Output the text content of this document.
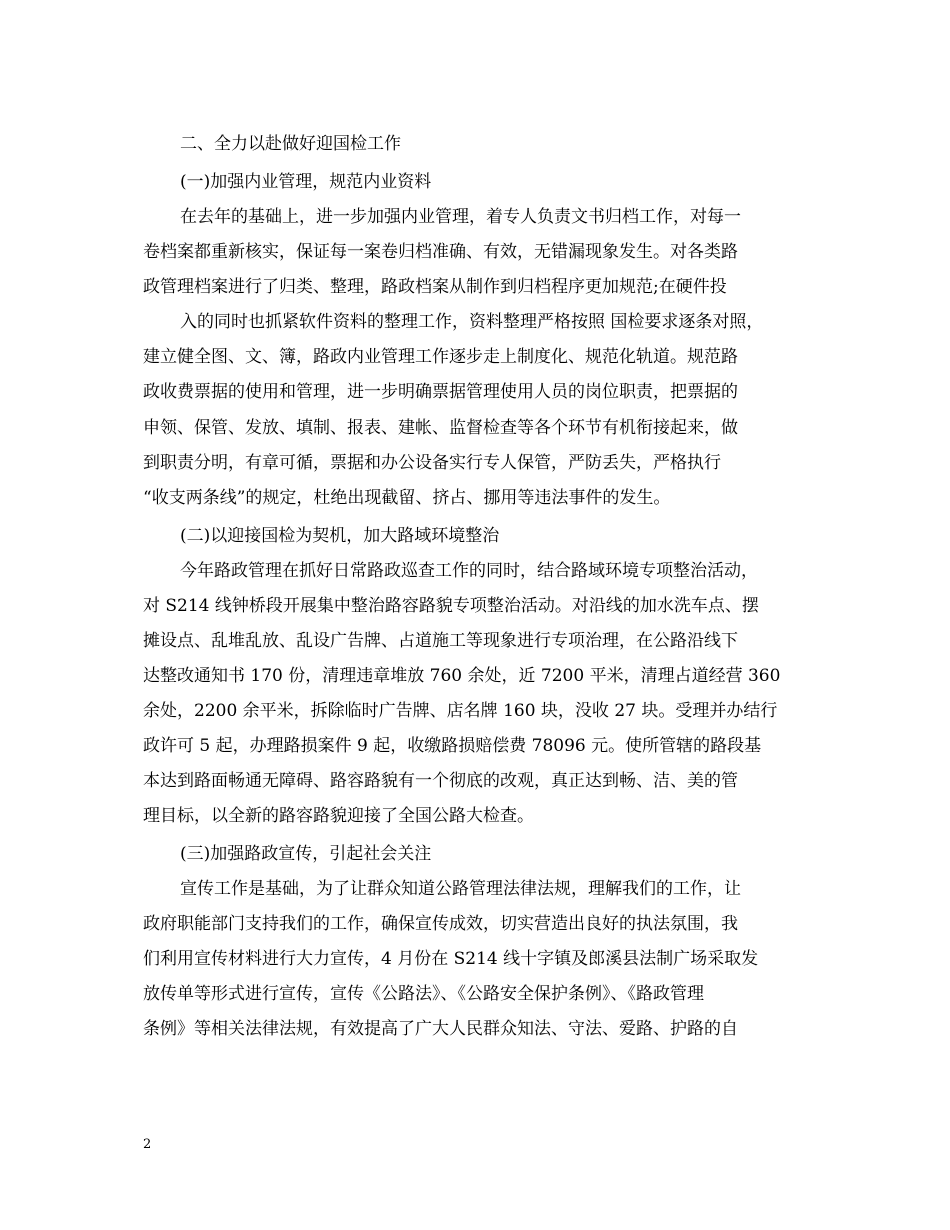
二、全力以赴做好迎国检工作

(一)加强内业管理，规范内业资料

在去年的基础上，进一步加强内业管理，着专人负责文书归档工作，对每一

卷档案都重新核实，保证每一案卷归档准确、有效，无错漏现象发生。对各类路

政管理档案进行了归类、整理，路政档案从制作到归档程序更加规范;在硬件投

入的同时也抓紧软件资料的整理工作，资料整理严格按照 国检要求逐条对照，

建立健全图、文、簿，路政内业管理工作逐步走上制度化、规范化轨道。规范路

政收费票据的使用和管理，进一步明确票据管理使用人员的岗位职责，把票据的

申领、保管、发放、填制、报表、建帐、监督检查等各个环节有机衔接起来，做

到职责分明，有章可循，票据和办公设备实行专人保管，严防丢失，严格执行

“收支两条线”的规定，杜绝出现截留、挤占、挪用等违法事件的发生。

(二)以迎接国检为契机，加大路域环境整治

今年路政管理在抓好日常路政巡查工作的同时，结合路域环境专项整治活动，

对 S214 线钟桥段开展集中整治路容路貌专项整治活动。对沿线的加水洗车点、摆

摊设点、乱堆乱放、乱设广告牌、占道施工等现象进行专项治理，在公路沿线下

达整改通知书 170 份，清理违章堆放 760 余处，近 7200 平米，清理占道经营 360

余处，2200 余平米，拆除临时广告牌、店名牌 160 块，没收 27 块。受理并办结行

政许可 5 起，办理路损案件 9 起，收缴路损赔偿费 78096 元。使所管辖的路段基

本达到路面畅通无障碍、路容路貌有一个彻底的改观，真正达到畅、洁、美的管

理目标，以全新的路容路貌迎接了全国公路大检查。

(三)加强路政宣传，引起社会关注

宣传工作是基础，为了让群众知道公路管理法律法规，理解我们的工作，让

政府职能部门支持我们的工作，确保宣传成效，切实营造出良好的执法氛围，我

们利用宣传材料进行大力宣传，4 月份在 S214 线十字镇及郎溪县法制广场采取发

放传单等形式进行宣传，宣传《公路法》、《公路安全保护条例》、《路政管理

条例》等相关法律法规，有效提高了广大人民群众知法、守法、爱路、护路的自

2
